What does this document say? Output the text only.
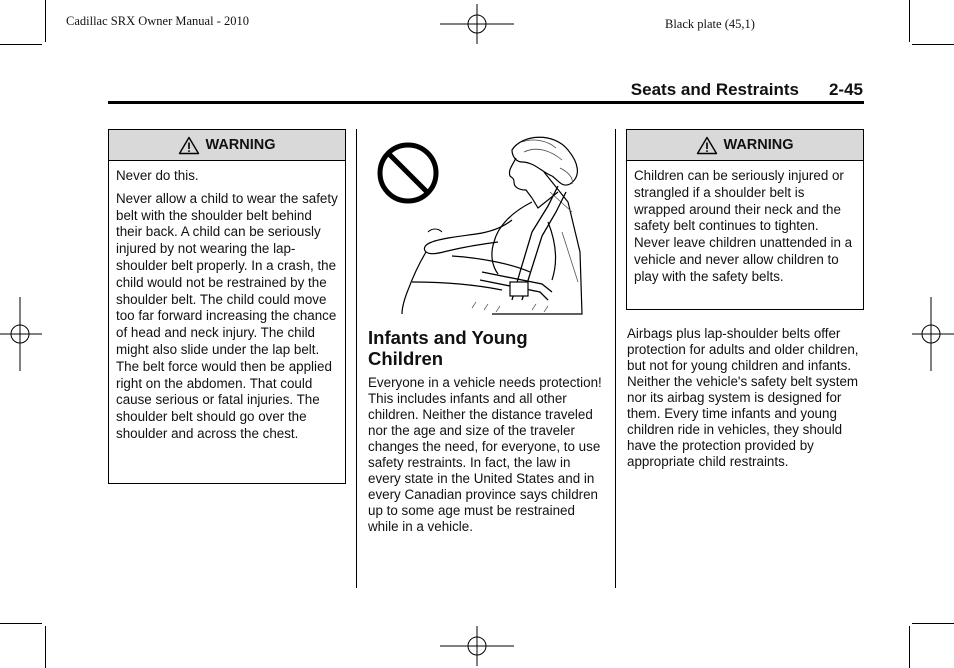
Cadillac SRX Owner Manual - 2010	Black plate (45,1)
Seats and Restraints 2-45
WARNING

Never do this.

Never allow a child to wear the safety belt with the shoulder belt behind their back. A child can be seriously injured by not wearing the lap-shoulder belt properly. In a crash, the child would not be restrained by the shoulder belt. The child could move too far forward increasing the chance of head and neck injury. The child might also slide under the lap belt. The belt force would then be applied right on the abdomen. That could cause serious or fatal injuries. The shoulder belt should go over the shoulder and across the chest.

Infants and Young Children
Everyone in a vehicle needs protection! This includes infants and all other children. Neither the distance traveled nor the age and size of the traveler changes the need, for everyone, to use safety restraints. In fact, the law in every state in the United States and in every Canadian province says children up to some age must be restrained while in a vehicle.
WARNING

Children can be seriously injured or strangled if a shoulder belt is wrapped around their neck and the safety belt continues to tighten. Never leave children unattended in a vehicle and never allow children to play with the safety belts.

Airbags plus lap-shoulder belts offer protection for adults and older children, but not for young children and infants. Neither the vehicle's safety belt system nor its airbag system is designed for them. Every time infants and young children ride in vehicles, they should have the protection provided by appropriate child restraints.
